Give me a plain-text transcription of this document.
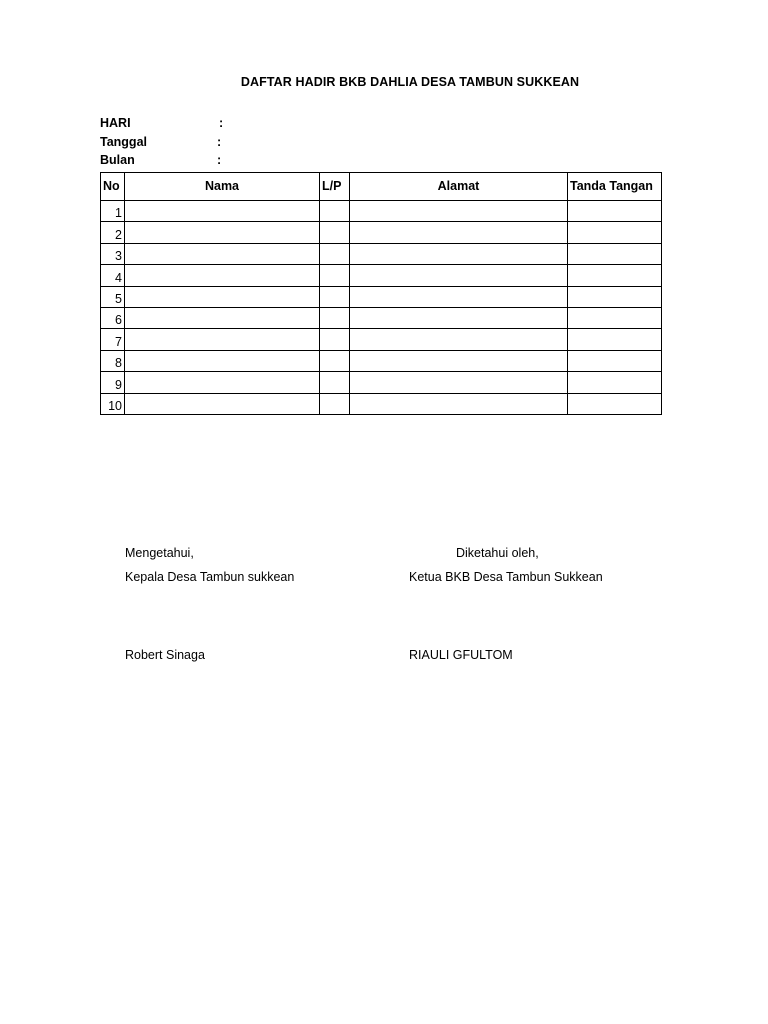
DAFTAR HADIR BKB DAHLIA DESA TAMBUN SUKKEAN
HARI	:
Tanggal	:
Bulan	:
No	Nama	L/P	Alamat	Tanda Tangan
1				
2				
3				
4				
5				
6				
7				
8				
9				
10				
Mengetahui,
Kepala Desa Tambun sukkean
Robert Sinaga
Diketahui oleh,
Ketua BKB Desa Tambun Sukkean
RIAULI GFULTOM
